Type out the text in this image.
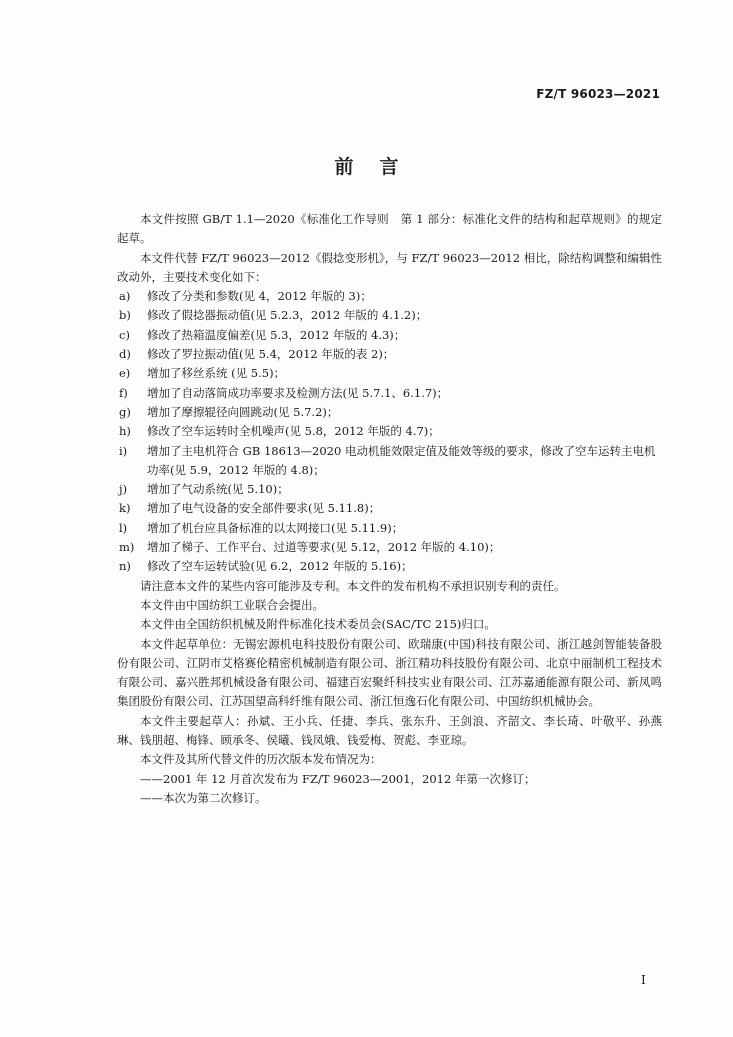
FZ/T 96023—2021
前言

本文件按照 GB/T 1.1—2020《标准化工作导则　第 1 部分：标准化文件的结构和起草规则》的规定起草。

本文件代替 FZ/T 96023—2012《假捻变形机》，与 FZ/T 96023—2012 相比，除结构调整和编辑性改动外，主要技术变化如下：

a)	修改了分类和参数(见 4，2012 年版的 3)；
b)	修改了假捻器振动值(见 5.2.3，2012 年版的 4.1.2)；
c)	修改了热箱温度偏差(见 5.3，2012 年版的 4.3)；
d)	修改了罗拉振动值(见 5.4，2012 年版的表 2)；
e)	增加了移丝系统 (见 5.5)；
f)	增加了自动落筒成功率要求及检测方法(见 5.7.1、6.1.7)；
g)	增加了摩擦辊径向圆跳动(见 5.7.2)；
h)	修改了空车运转时全机噪声(见 5.8，2012 年版的 4.7)；
i)	增加了主电机符合 GB 18613—2020 电动机能效限定值及能效等级的要求，修改了空车运转主电机功率(见 5.9，2012 年版的 4.8)；
j)	增加了气动系统(见 5.10)；
k)	增加了电气设备的安全部件要求(见 5.11.8)；
l)	增加了机台应具备标准的以太网接口(见 5.11.9)；
m)	增加了梯子、工作平台、过道等要求(见 5.12，2012 年版的 4.10)；
n)	修改了空车运转试验(见 6.2，2012 年版的 5.16)；

请注意本文件的某些内容可能涉及专利。本文件的发布机构不承担识别专利的责任。

本文件由中国纺织工业联合会提出。

本文件由全国纺织机械及附件标准化技术委员会(SAC/TC 215)归口。

本文件起草单位：无锡宏源机电科技股份有限公司、欧瑞康(中国)科技有限公司、浙江越剑智能装备股份有限公司、江阴市艾格赛伦精密机械制造有限公司、浙江精功科技股份有限公司、北京中丽制机工程技术有限公司、嘉兴胜邦机械设备有限公司、福建百宏聚纤科技实业有限公司、江苏嘉通能源有限公司、新凤鸣集团股份有限公司、江苏国望高科纤维有限公司、浙江恒逸石化有限公司、中国纺织机械协会。

本文件主要起草人：孙斌、王小兵、任捷、李兵、张东升、王剑浪、齐韶文、李长琦、叶敬平、孙燕琳、钱朋超、梅锋、顾承冬、侯曦、钱凤娥、钱爱梅、贺彪、李亚琼。

本文件及其所代替文件的历次版本发布情况为：

——2001 年 12 月首次发布为 FZ/T 96023—2001，2012 年第一次修订；

——本次为第二次修订。

I
